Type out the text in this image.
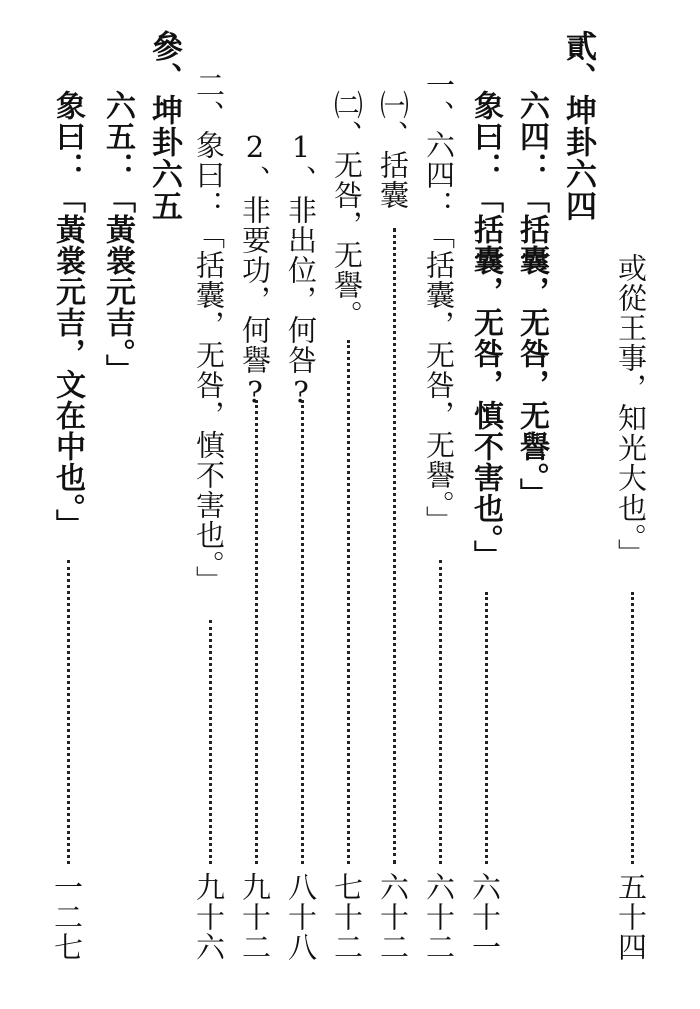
或從王事，知光大也。」
五十四
貳、坤卦六四
六四：「括囊，无咎，无譽。」
象曰：「括囊，无咎，慎不害也。」
六十一
一、六四：「括囊，无咎，无譽。」
六十二
㈠、括囊
六十二
㈡、无咎，无譽。
七十二
1、非出位，何咎?
八十八
2、非要功，何譽?
九十二
二、象曰：「括囊，无咎，慎不害也。」
九十六
參、坤卦六五
六五：「黃裳元吉。」
象曰：「黃裳元吉，文在中也。」
一二七
